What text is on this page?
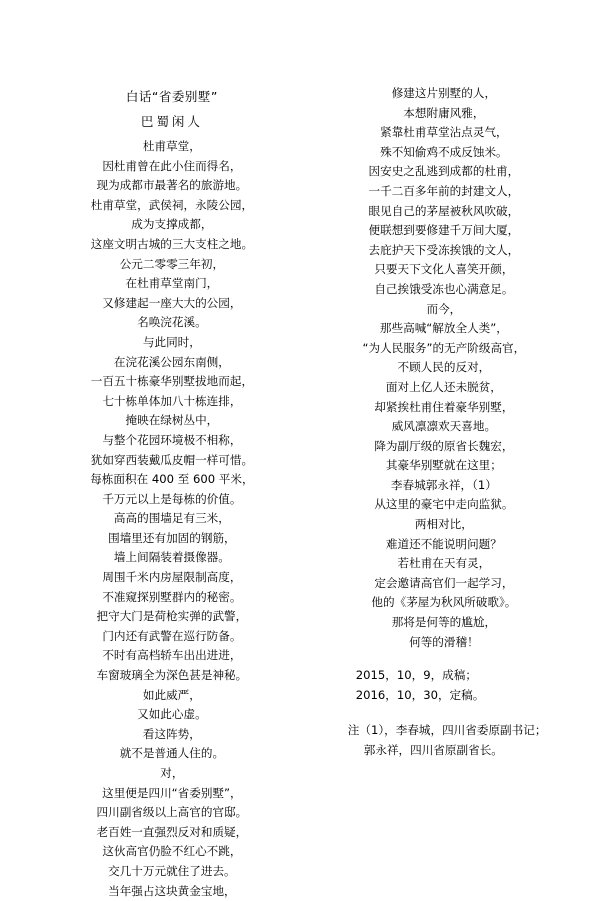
白话“省委别墅”
巴蜀闲人
杜甫草堂，
因杜甫曾在此小住而得名，
现为成都市最著名的旅游地。
杜甫草堂，武侯祠，永陵公园，
成为支撑成都，
这座文明古城的三大支柱之地。
公元二零零三年初，
在杜甫草堂南门，
又修建起一座大大的公园，
名唤浣花溪。
与此同时，
在浣花溪公园东南侧，
一百五十栋豪华别墅拔地而起，
七十栋单体加八十栋连排，
掩映在绿树丛中，
与整个花园环境极不相称，
犹如穿西装戴瓜皮帽一样可惜。
每栋面积在 400 至 600 平米，
千万元以上是每栋的价值。
高高的围墙足有三米，
围墙里还有加固的钢筋，
墙上间隔装着摄像器。
周围千米内房屋限制高度，
不准窥探别墅群内的秘密。
把守大门是荷枪实弹的武警，
门内还有武警在巡行防备。
不时有高档轿车出出进进，
车窗玻璃全为深色甚是神秘。
如此威严，
又如此心虚。
看这阵势，
就不是普通人住的。
对，
这里便是四川“省委别墅”，
四川副省级以上高官的官邸。
老百姓一直强烈反对和质疑，
这伙高官仍脸不红心不跳，
交几十万元就住了进去。
当年强占这块黄金宝地，
修建这片别墅的人，
本想附庸风雅，
紧靠杜甫草堂沾点灵气，
殊不知偷鸡不成反蚀米。
因安史之乱逃到成都的杜甫，
一千二百多年前的封建文人，
眼见自己的茅屋被秋风吹破，
便联想到要修建千万间大厦，
去庇护天下受冻挨饿的文人，
只要天下文化人喜笑开颜，
自己挨饿受冻也心满意足。
而今，
那些高喊“解放全人类”，
“为人民服务”的无产阶级高官，
不顾人民的反对，
面对上亿人还未脱贫，
却紧挨杜甫住着豪华别墅，
威风凛凛欢天喜地。
降为副厅级的原省长魏宏，
其豪华别墅就在这里；
李春城郭永祥，（1）
从这里的豪宅中走向监狱。
两相对比，
难道还不能说明问题？
若杜甫在天有灵，
定会邀请高官们一起学习，
他的《茅屋为秋风所破歌》。
那将是何等的尴尬，
何等的滑稽！
2015，10，9，成稿；
2016，10，30，定稿。
注（1），李春城，四川省委原副书记；
郭永祥，四川省原副省长。
